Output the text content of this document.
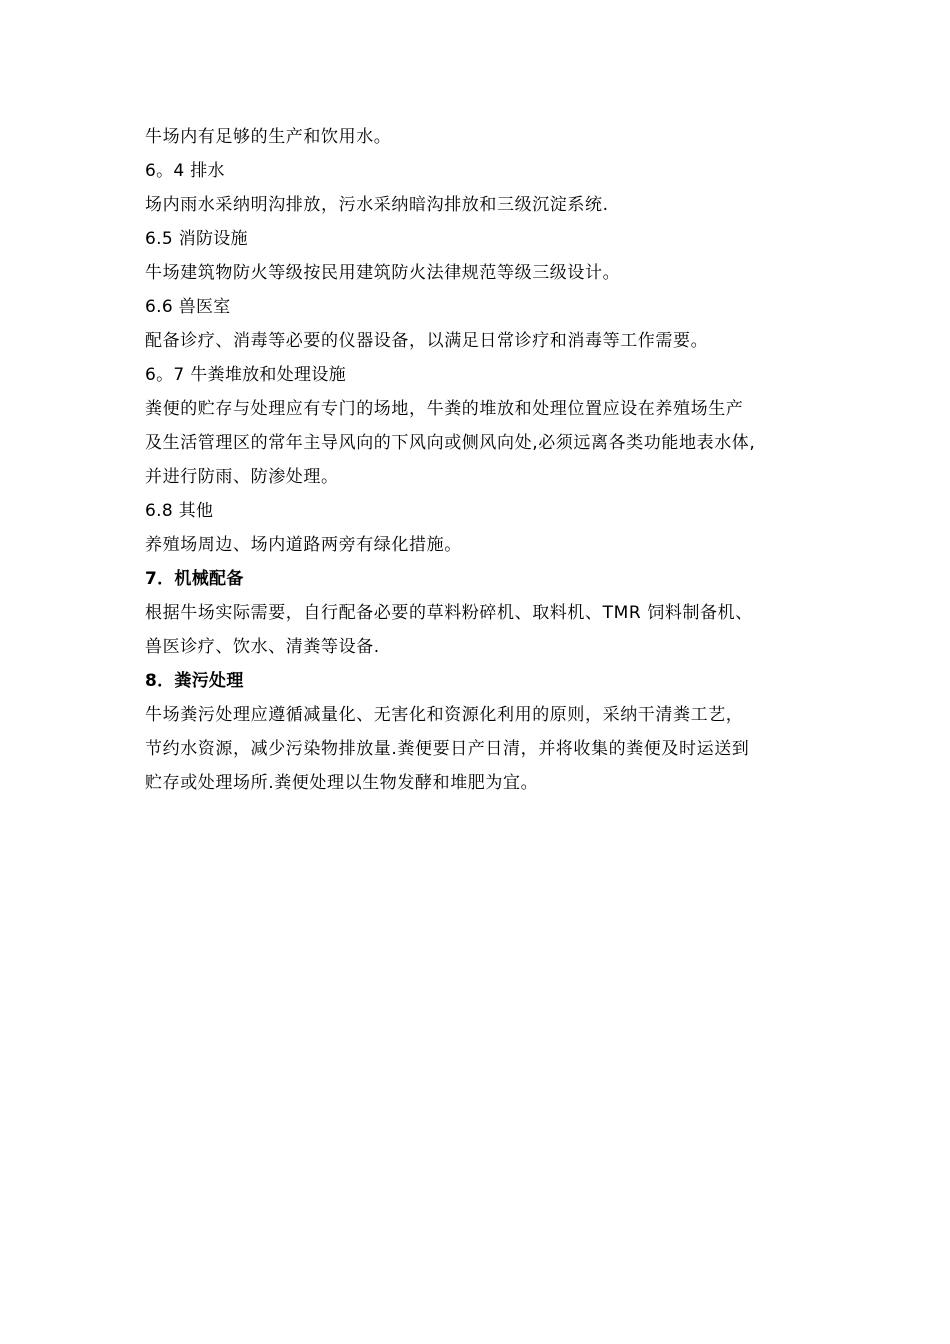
牛场内有足够的生产和饮用水。
6。4 排水
场内雨水采纳明沟排放，污水采纳暗沟排放和三级沉淀系统.
6.5 消防设施
牛场建筑物防火等级按民用建筑防火法律规范等级三级设计。
6.6 兽医室
配备诊疗、消毒等必要的仪器设备，以满足日常诊疗和消毒等工作需要。
6。7 牛粪堆放和处理设施
粪便的贮存与处理应有专门的场地，牛粪的堆放和处理位置应设在养殖场生产
及生活管理区的常年主导风向的下风向或侧风向处,必须远离各类功能地表水体,
并进行防雨、防渗处理。
6.8 其他
养殖场周边、场内道路两旁有绿化措施。
7．机械配备
根据牛场实际需要，自行配备必要的草料粉碎机、取料机、TMR 饲料制备机、
兽医诊疗、饮水、清粪等设备.
8．粪污处理
牛场粪污处理应遵循减量化、无害化和资源化利用的原则，采纳干清粪工艺，
节约水资源，减少污染物排放量.粪便要日产日清，并将收集的粪便及时运送到
贮存或处理场所.粪便处理以生物发酵和堆肥为宜。
